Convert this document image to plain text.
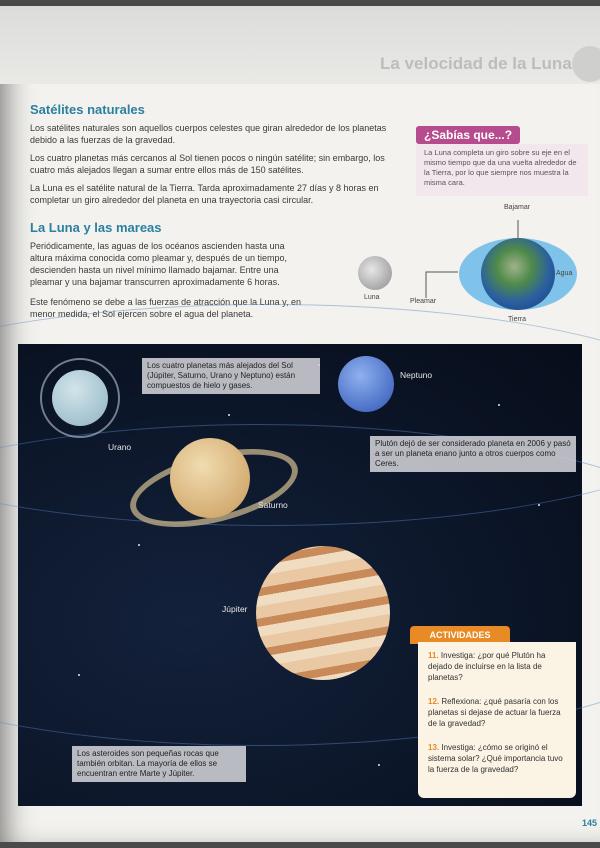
La velocidad de la Luna
Satélites naturales
Los satélites naturales son aquellos cuerpos celestes que giran alrededor de los planetas debido a las fuerzas de la gravedad.
Los cuatro planetas más cercanos al Sol tienen pocos o ningún satélite; sin embargo, los cuatro más alejados llegan a sumar entre ellos más de 150 satélites.
La Luna es el satélite natural de la Tierra. Tarda aproximadamente 27 días y 8 horas en completar un giro alrededor del planeta en una trayectoria casi circular.
La Luna y las mareas
Periódicamente, las aguas de los océanos ascienden hasta una altura máxima conocida como pleamar y, después de un tiempo, descienden hasta un nivel mínimo llamado bajamar. Entre una pleamar y una bajamar transcurren aproximadamente 6 horas.
Este fenómeno se debe a las fuerzas de atracción que la Luna y, en menor medida, el Sol ejercen sobre el agua del planeta.
¿Sabías que...?
La Luna completa un giro sobre su eje en el mismo tiempo que da una vuelta alrededor de la Tierra, por lo que siempre nos muestra la misma cara.
Luna
Bajamar
Pleamar
Agua
Tierra
Urano
Neptuno
Saturno
Júpiter
Los cuatro planetas más alejados del Sol (Júpiter, Saturno, Urano y Neptuno) están compuestos de hielo y gases.
Plutón dejó de ser considerado planeta en 2006 y pasó a ser un planeta enano junto a otros cuerpos como Ceres.
Los asteroides son pequeñas rocas que también orbitan. La mayoría de ellos se encuentran entre Marte y Júpiter.
ACTIVIDADES
11. Investiga: ¿por qué Plutón ha dejado de incluirse en la lista de planetas?
12. Reflexiona: ¿qué pasaría con los planetas si dejase de actuar la fuerza de la gravedad?
13. Investiga: ¿cómo se originó el sistema solar? ¿Qué importancia tuvo la fuerza de la gravedad?
145
